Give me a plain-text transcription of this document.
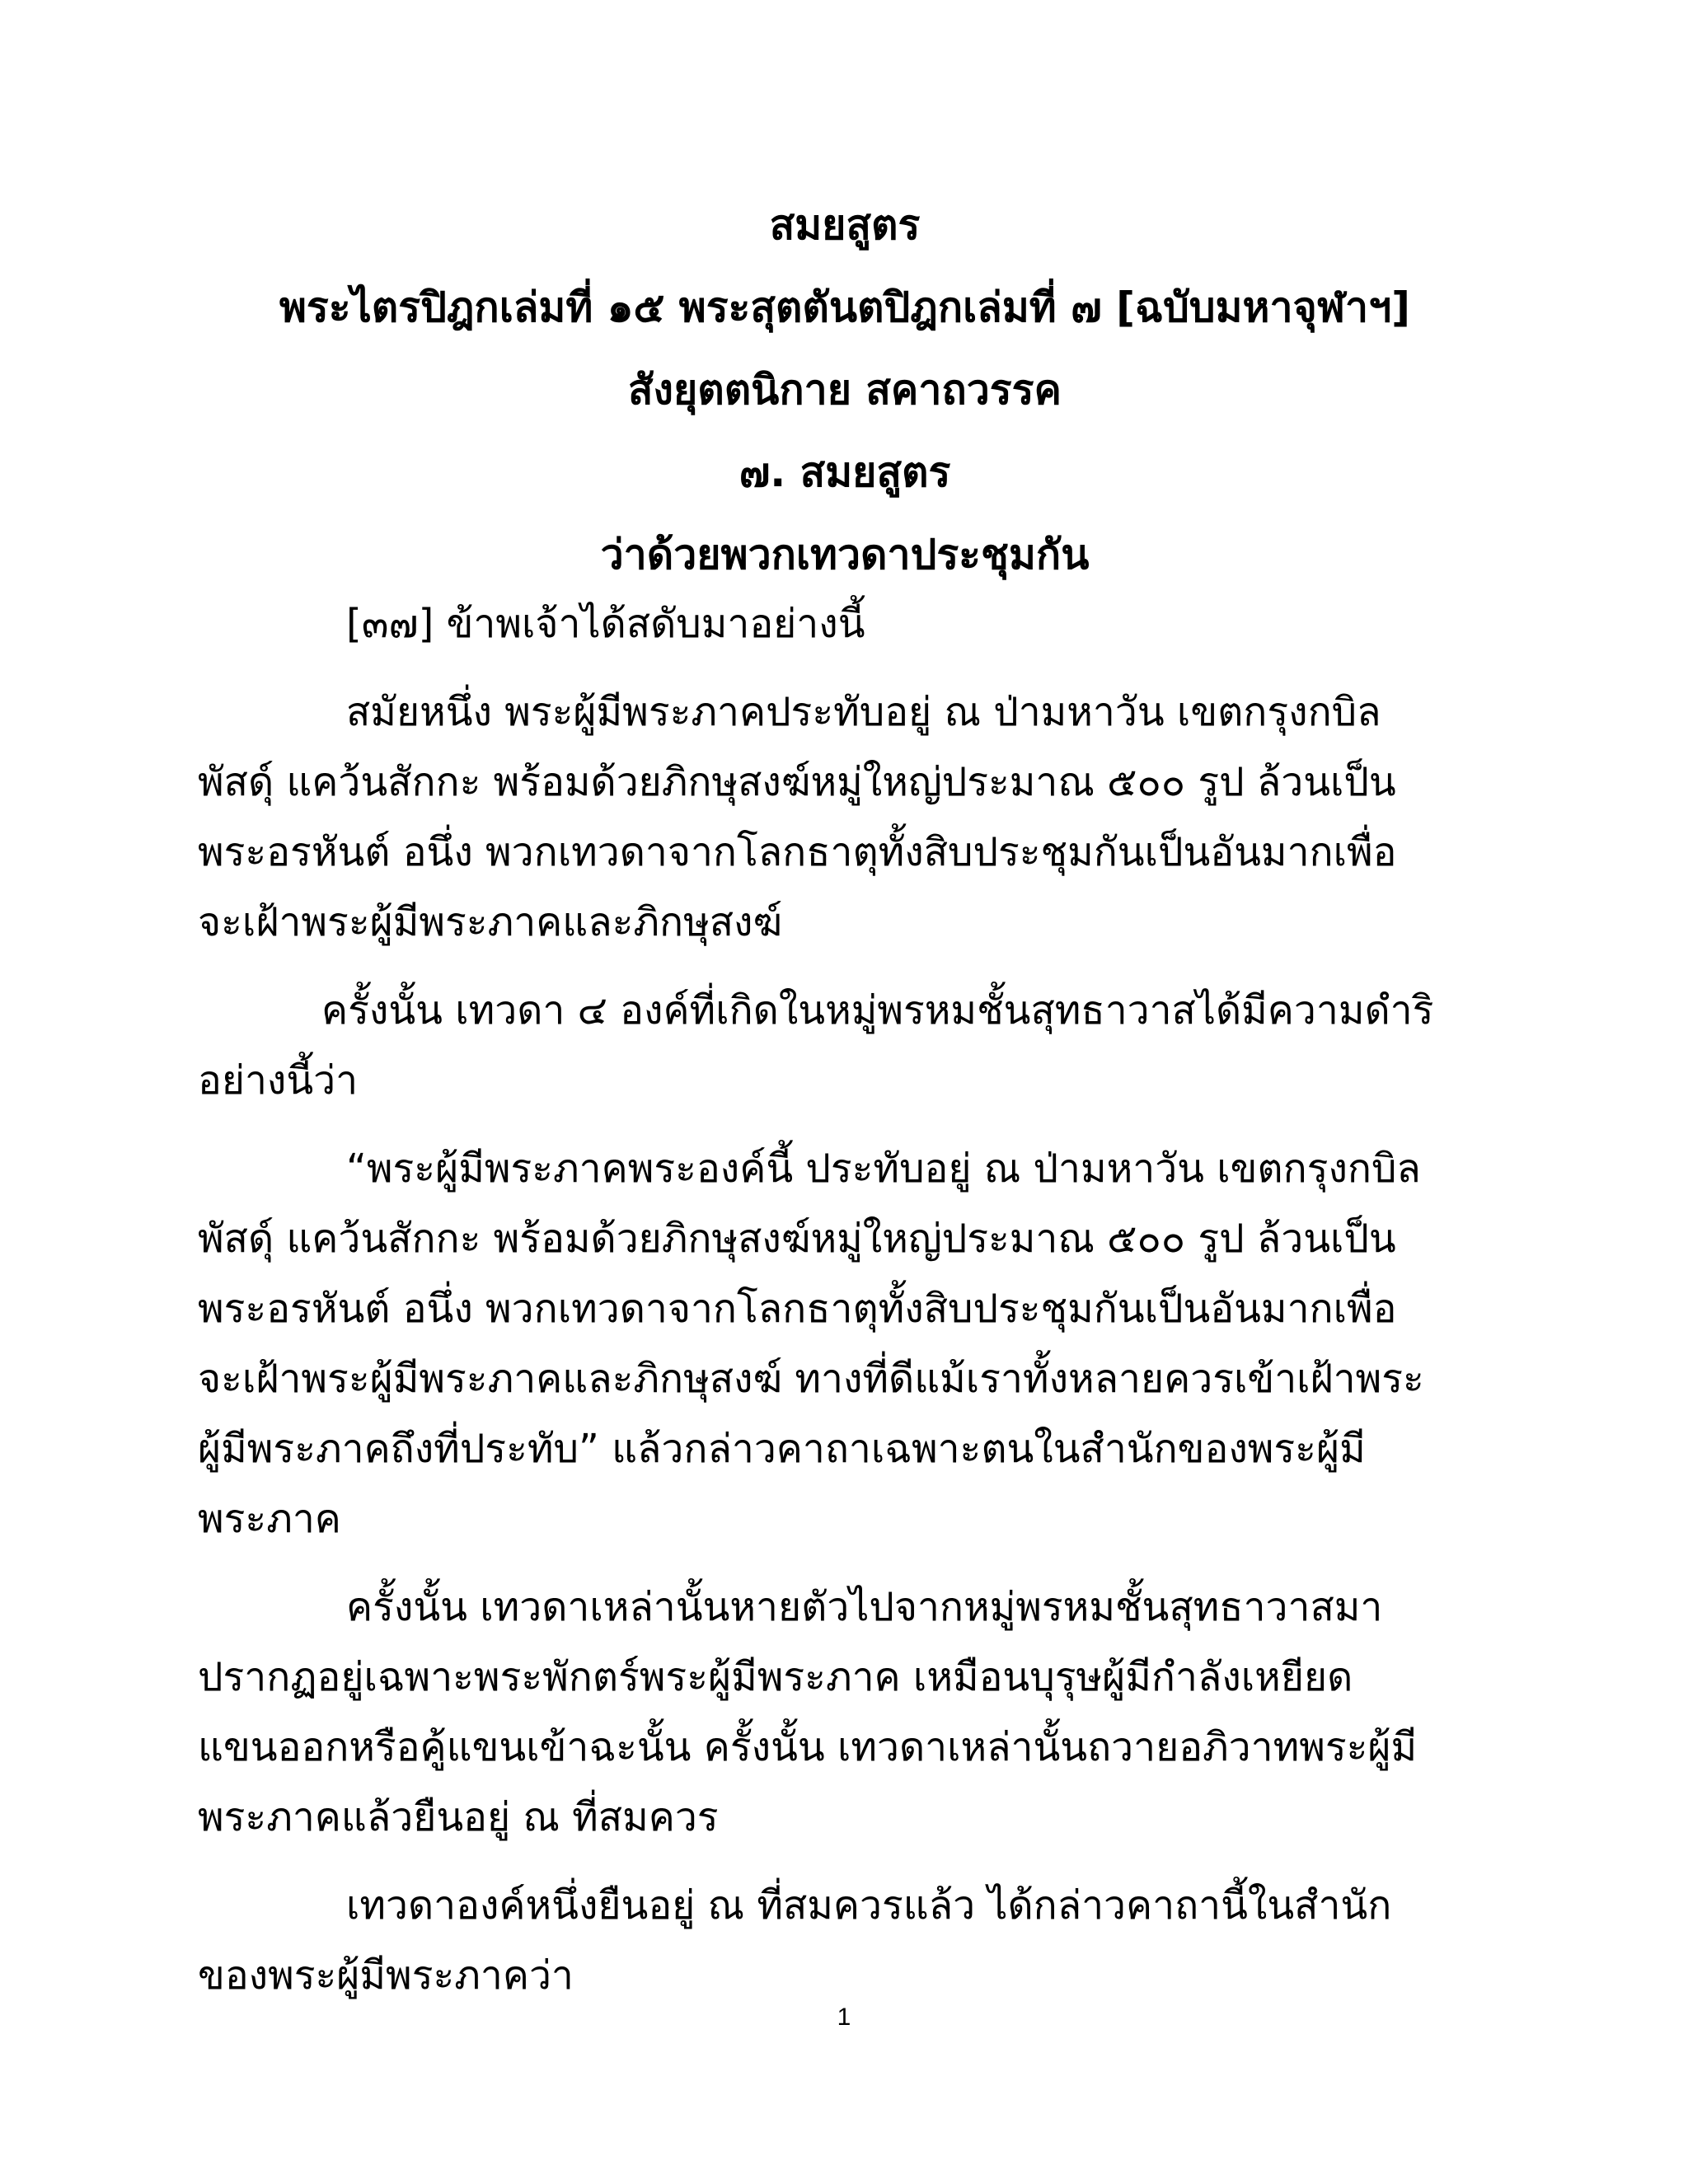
สมยสูตร
พระไตรปิฎกเล่มที่ ๑๕ พระสุตตันตปิฎกเล่มที่ ๗ [ฉบับมหาจุฬาฯ]
สังยุตตนิกาย สคาถวรรค
๗. สมยสูตร
ว่าด้วยพวกเทวดาประชุมกัน

[๓๗] ข้าพเจ้าได้สดับมาอย่างนี้

สมัยหนึ่ง พระผู้มีพระภาคประทับอยู่ ณ ป่ามหาวัน เขตกรุงกบิล
พัสดุ์ แคว้นสักกะ พร้อมด้วยภิกษุสงฆ์หมู่ใหญ่ประมาณ ๕๐๐ รูป ล้วนเป็น
พระอรหันต์ อนึ่ง พวกเทวดาจากโลกธาตุทั้งสิบประชุมกันเป็นอันมากเพื่อ
จะเฝ้าพระผู้มีพระภาคและภิกษุสงฆ์

ครั้งนั้น เทวดา ๔ องค์ที่เกิดในหมู่พรหมชั้นสุทธาวาสได้มีความดำริ
อย่างนี้ว่า

“พระผู้มีพระภาคพระองค์นี้ ประทับอยู่ ณ ป่ามหาวัน เขตกรุงกบิล
พัสดุ์ แคว้นสักกะ พร้อมด้วยภิกษุสงฆ์หมู่ใหญ่ประมาณ ๕๐๐ รูป ล้วนเป็น
พระอรหันต์ อนึ่ง พวกเทวดาจากโลกธาตุทั้งสิบประชุมกันเป็นอันมากเพื่อ
จะเฝ้าพระผู้มีพระภาคและภิกษุสงฆ์ ทางที่ดีแม้เราทั้งหลายควรเข้าเฝ้าพระ
ผู้มีพระภาคถึงที่ประทับ” แล้วกล่าวคาถาเฉพาะตนในสำนักของพระผู้มี
พระภาค

ครั้งนั้น เทวดาเหล่านั้นหายตัวไปจากหมู่พรหมชั้นสุทธาวาสมา
ปรากฏอยู่เฉพาะพระพักตร์พระผู้มีพระภาค เหมือนบุรุษผู้มีกำลังเหยียด
แขนออกหรือคู้แขนเข้าฉะนั้น ครั้งนั้น เทวดาเหล่านั้นถวายอภิวาทพระผู้มี
พระภาคแล้วยืนอยู่ ณ ที่สมควร

เทวดาองค์หนึ่งยืนอยู่ ณ ที่สมควรแล้ว ได้กล่าวคาถานี้ในสำนัก
ของพระผู้มีพระภาคว่า

1
